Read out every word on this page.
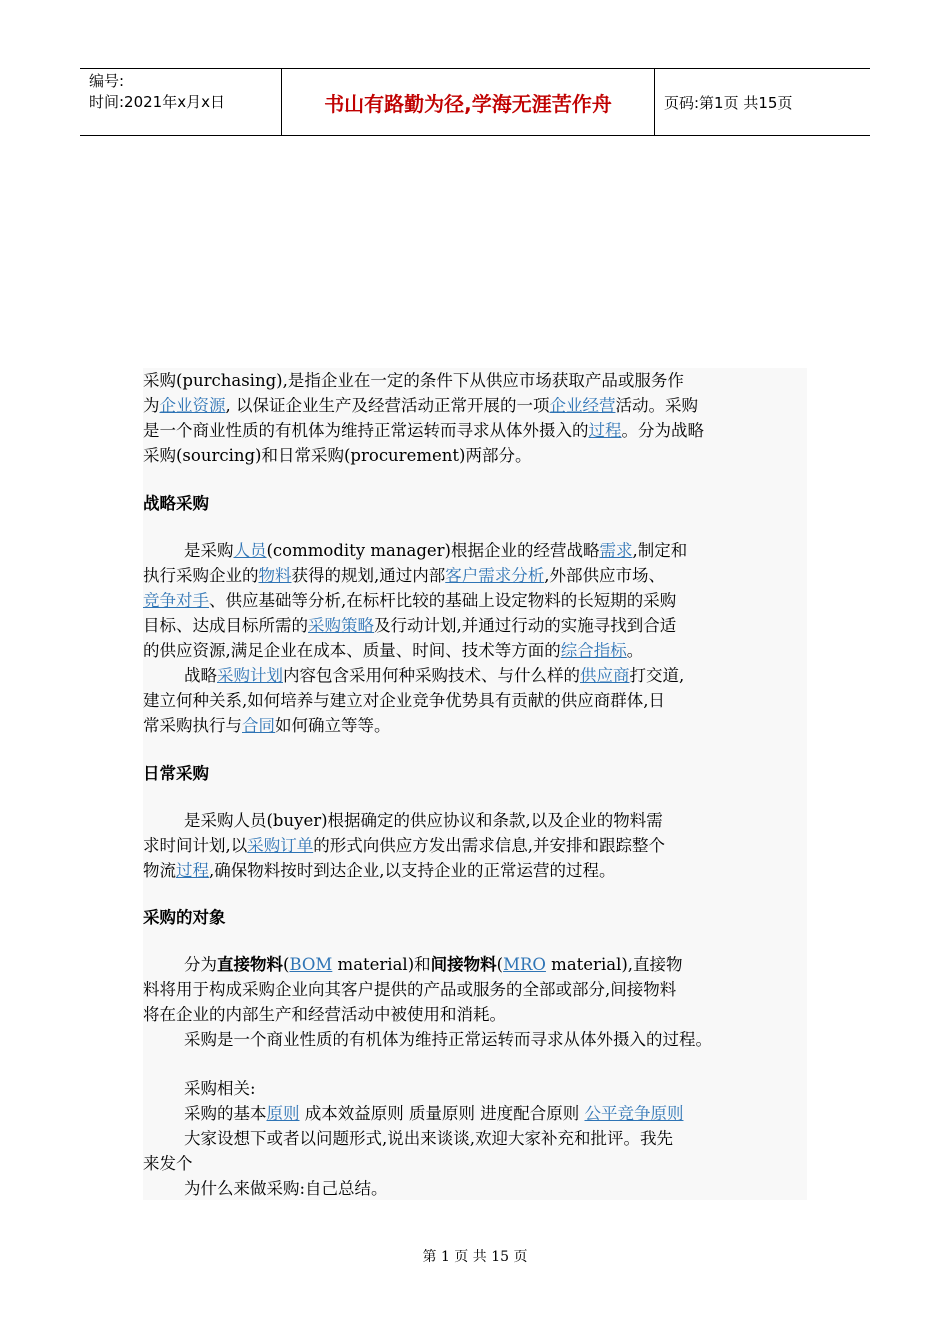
编号:
时间:2021年x月x日	书山有路勤为径,学海无涯苦作舟	页码:第1页 共15页

采购(purchasing),是指企业在一定的条件下从供应市场获取产品或服务作

为企业资源, 以保证企业生产及经营活动正常开展的一项企业经营活动。采购

是一个商业性质的有机体为维持正常运转而寻求从体外摄入的过程。分为战略

采购(sourcing)和日常采购(procurement)两部分。

战略采购

是采购人员(commodity manager)根据企业的经营战略需求,制定和

执行采购企业的物料获得的规划,通过内部客户需求分析,外部供应市场、

竞争对手、供应基础等分析,在标杆比较的基础上设定物料的长短期的采购

目标、达成目标所需的采购策略及行动计划,并通过行动的实施寻找到合适

的供应资源,满足企业在成本、质量、时间、技术等方面的综合指标。

战略采购计划内容包含采用何种采购技术、与什么样的供应商打交道,

建立何种关系,如何培养与建立对企业竞争优势具有贡献的供应商群体,日

常采购执行与合同如何确立等等。

日常采购

是采购人员(buyer)根据确定的供应协议和条款,以及企业的物料需

求时间计划,以采购订单的形式向供应方发出需求信息,并安排和跟踪整个

物流过程,确保物料按时到达企业,以支持企业的正常运营的过程。

采购的对象

分为直接物料(BOM material)和间接物料(MRO material),直接物

料将用于构成采购企业向其客户提供的产品或服务的全部或部分,间接物料

将在企业的内部生产和经营活动中被使用和消耗。

采购是一个商业性质的有机体为维持正常运转而寻求从体外摄入的过程。

采购相关:

采购的基本原则 成本效益原则 质量原则 进度配合原则 公平竞争原则

大家设想下或者以问题形式,说出来谈谈,欢迎大家补充和批评。我先

来发个

为什么来做采购:自己总结。

第 1 页 共 15 页
